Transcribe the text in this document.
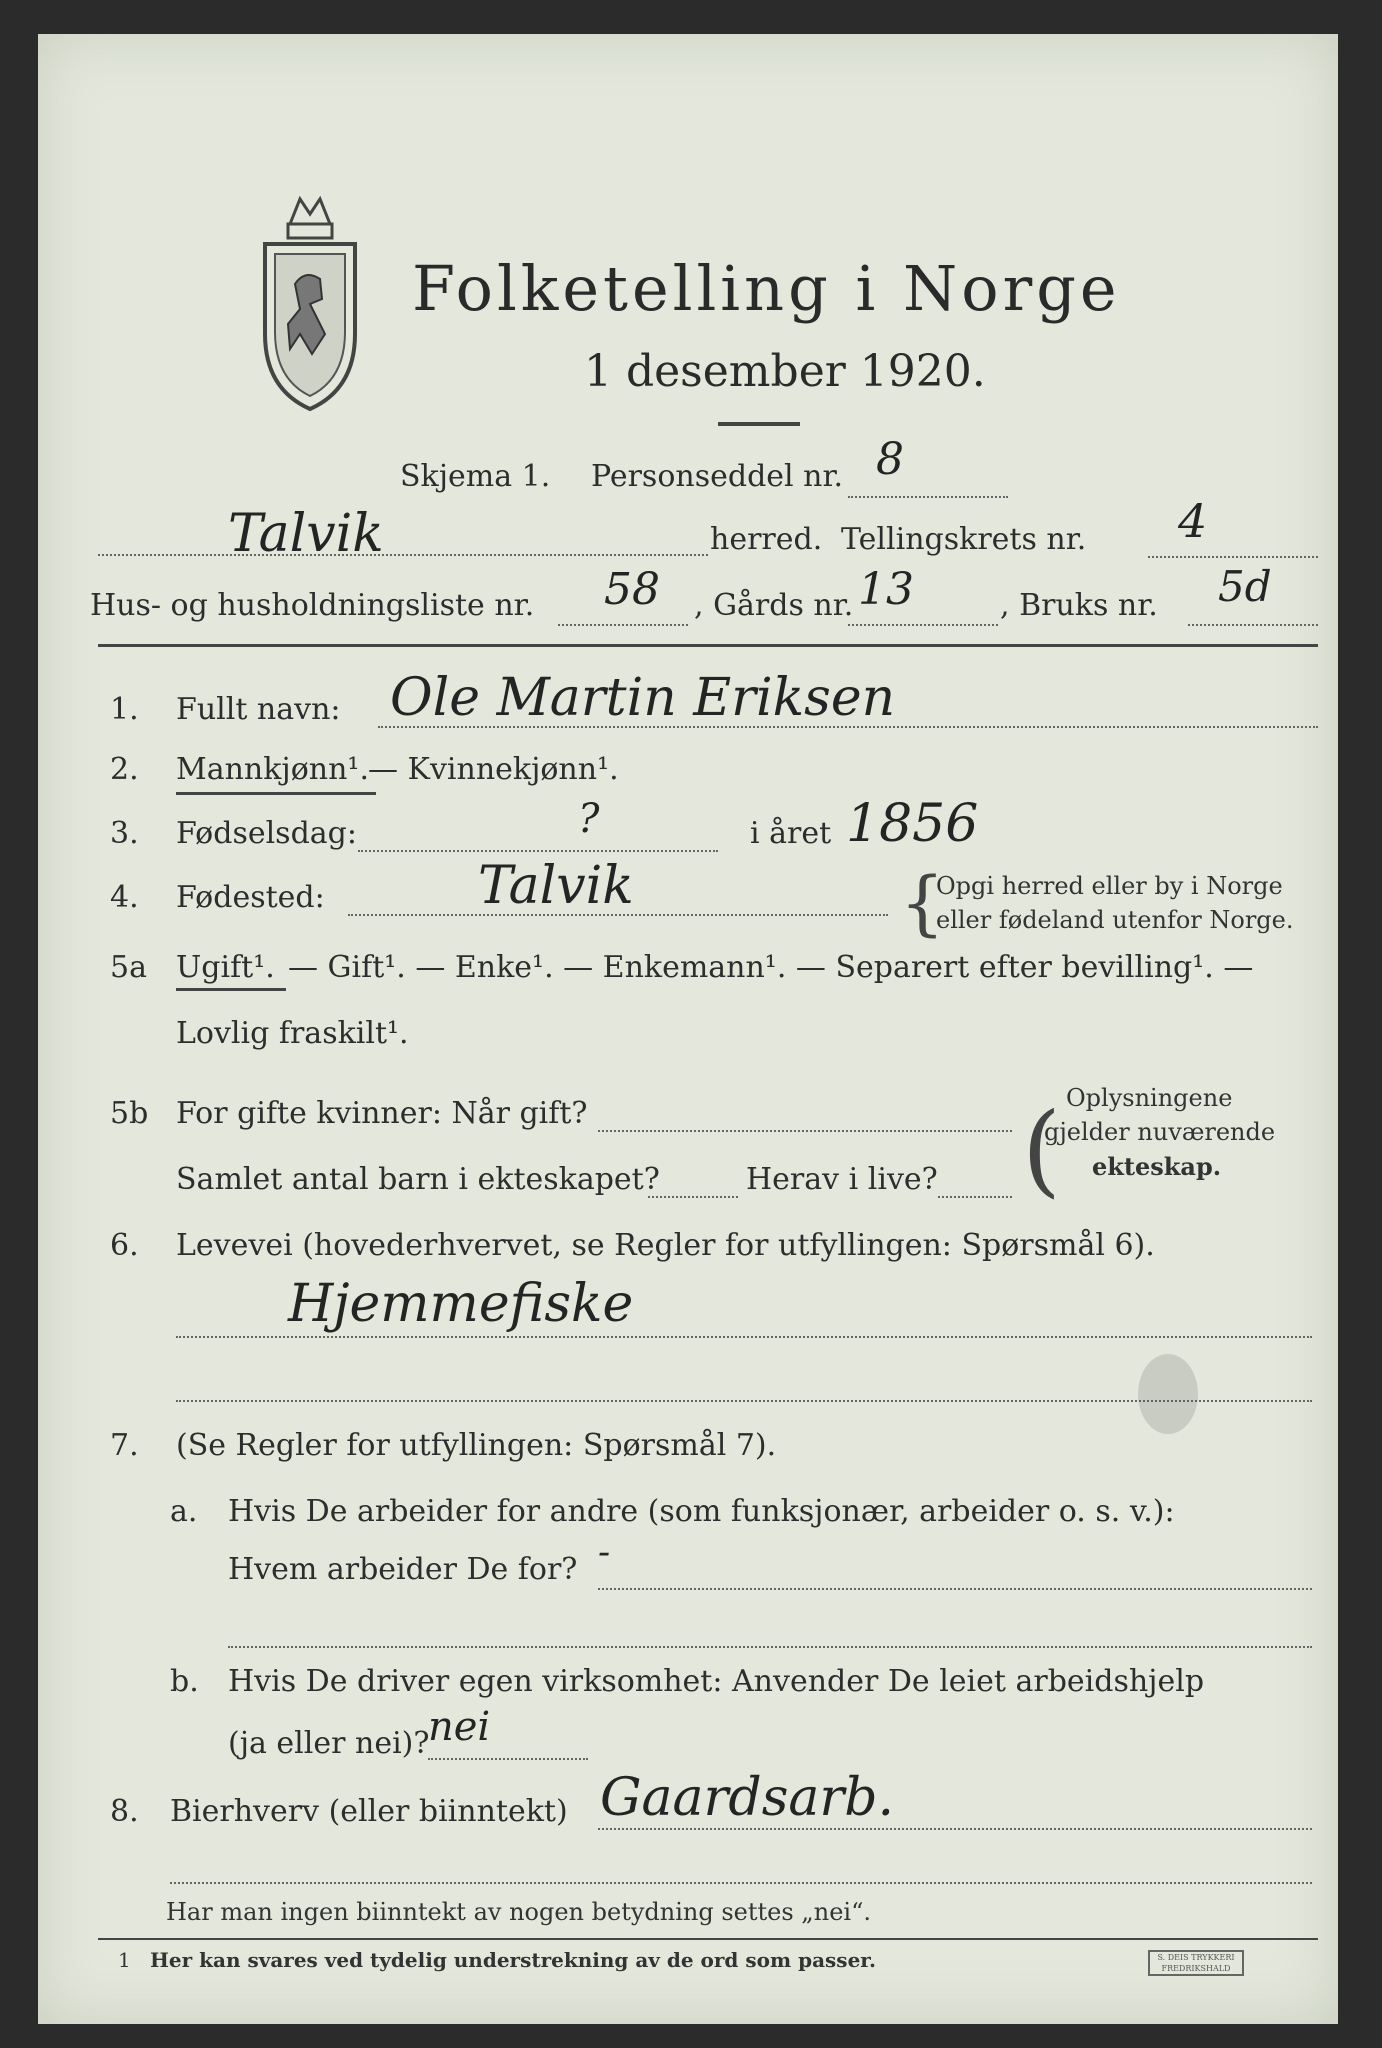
Folketelling i Norge
1 desember 1920.
Skjema 1. Personseddel nr. 8
Talvik	herred. Tellingskrets nr. 4
Hus- og husholdningsliste nr. 58 , Gårds nr. 13	, Bruks nr. 5d
1. Fullt navn: Ole Martin Eriksen
2. Mannkjønn¹. — Kvinnekjønn¹.
3. Fødselsdag:	?	i året 1856
4. Fødested:	Talvik	{
Opgi herred eller by i Norge
eller fødeland utenfor Norge.
5a Ugift¹. — Gift¹. — Enke¹. — Enkemann¹. — Separert efter bevilling¹. —
Lovlig fraskilt¹.
5b For gifte kvinner: Når gift?
Samlet antal barn i ekteskapet?	Herav i live? ( Oplysningene
gjelder nuværende
ekteskap.
6. Levevei (hovederhvervet, se Regler for utfyllingen: Spørsmål 6).
Hjemmefiske
7. (Se Regler for utfyllingen: Spørsmål 7).
a. Hvis De arbeider for andre (som funksjonær, arbeider o. s. v.):
Hvem arbeider De for? -
b. Hvis De driver egen virksomhet: Anvender De leiet arbeidshjelp
(ja eller nei)?
nei
8. Bierhverv (eller biinntekt) Gaardsarb.
Har man ingen biinntekt av nogen betydning settes „nei“.
1 Her kan svares ved tydelig understrekning av de ord som passer.	S. DEIS TRYKKERI
FREDRIKSHALD
